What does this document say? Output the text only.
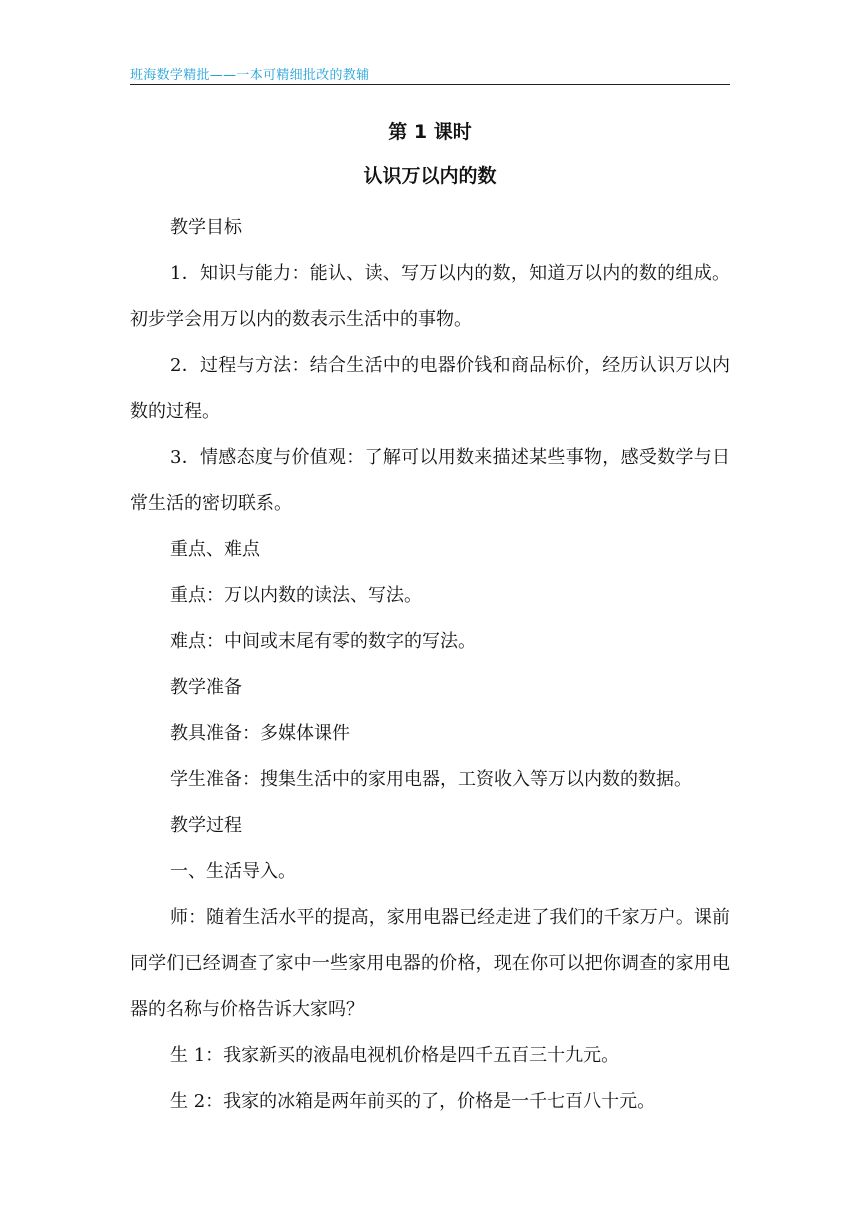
班海数学精批——一本可精细批改的教辅
第 1 课时
认识万以内的数

教学目标

1．知识与能力：能认、读、写万以内的数，知道万以内的数的组成。初步学会用万以内的数表示生活中的事物。

2．过程与方法：结合生活中的电器价钱和商品标价，经历认识万以内数的过程。

3．情感态度与价值观：了解可以用数来描述某些事物，感受数学与日常生活的密切联系。

重点、难点

重点：万以内数的读法、写法。

难点：中间或末尾有零的数字的写法。

教学准备

教具准备：多媒体课件

学生准备：搜集生活中的家用电器，工资收入等万以内数的数据。

教学过程

一、生活导入。

师：随着生活水平的提高，家用电器已经走进了我们的千家万户。课前同学们已经调查了家中一些家用电器的价格，现在你可以把你调查的家用电器的名称与价格告诉大家吗？

生 1：我家新买的液晶电视机价格是四千五百三十九元。

生 2：我家的冰箱是两年前买的了，价格是一千七百八十元。
